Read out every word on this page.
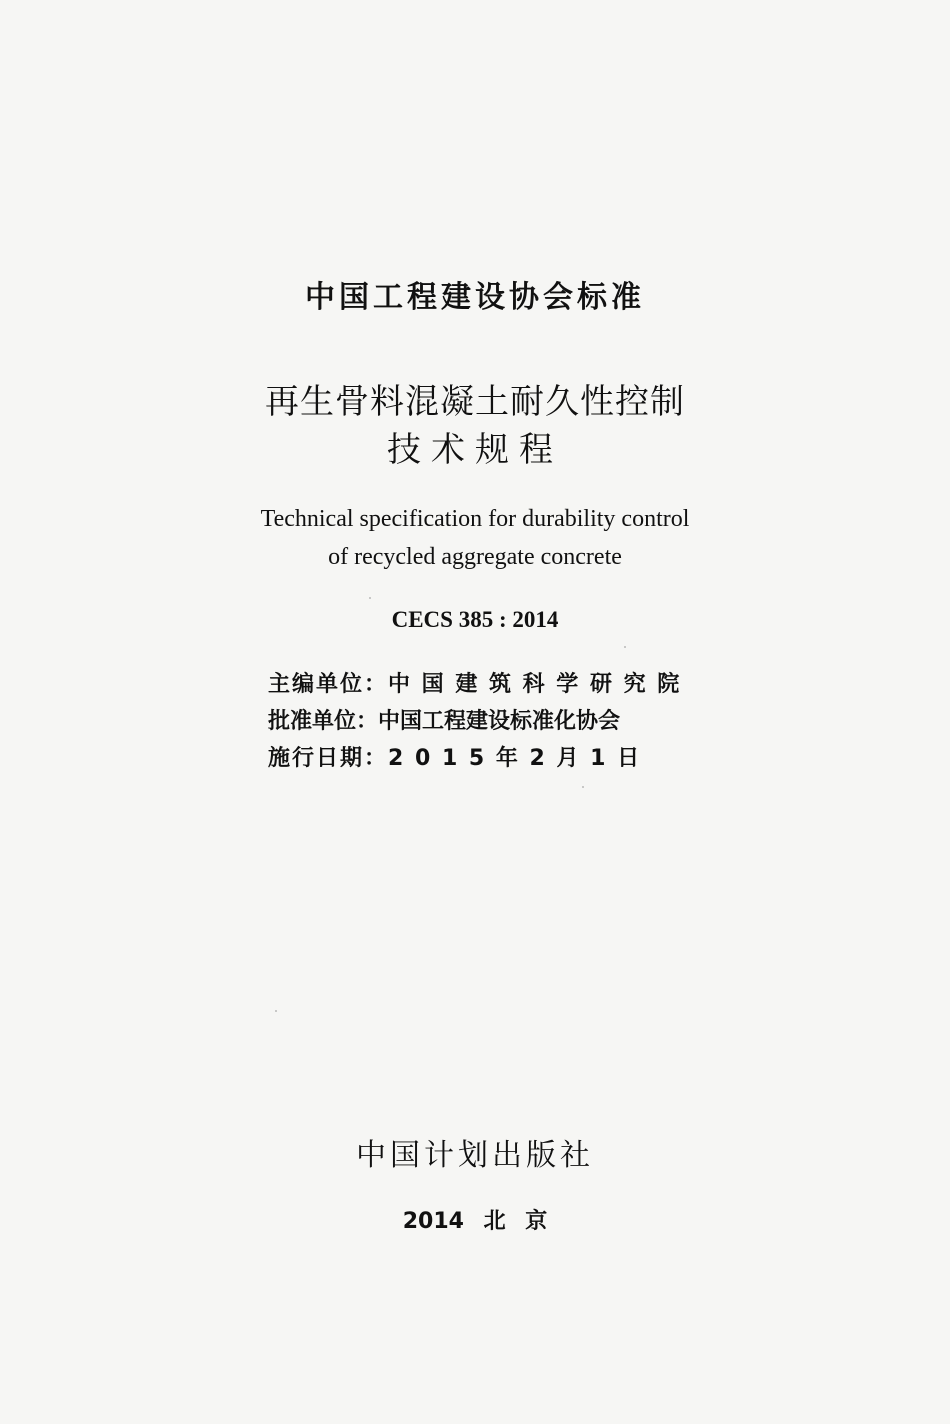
中国工程建设协会标准
再生骨料混凝土耐久性控制
技术规程
Technical specification for durability control
of recycled aggregate concrete
CECS 385 : 2014
主编单位：中 国 建 筑 科 学 研 究 院
批准单位：中国工程建设标准化协会
施行日期：2 0 1 5 年 2 月 1 日
中国计划出版社
2014 北 京
